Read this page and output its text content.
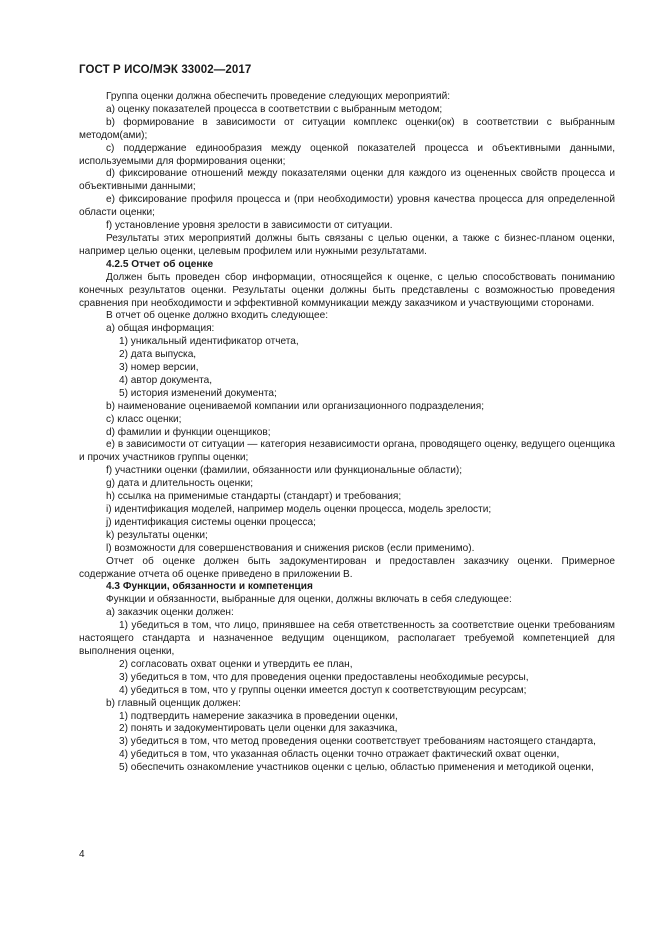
ГОСТ Р ИСО/МЭК 33002—2017

Группа оценки должна обеспечить проведение следующих мероприятий:

a) оценку показателей процесса в соответствии с выбранным методом;

b) формирование в зависимости от ситуации комплекс оценки(ок) в соответствии с выбранным методом(ами);

c) поддержание единообразия между оценкой показателей процесса и объективными данными, используемыми для формирования оценки;

d) фиксирование отношений между показателями оценки для каждого из оцененных свойств процесса и объективными данными;

e) фиксирование профиля процесса и (при необходимости) уровня качества процесса для определенной области оценки;

f) установление уровня зрелости в зависимости от ситуации.

Результаты этих мероприятий должны быть связаны с целью оценки, а также с бизнес-планом оценки, например целью оценки, целевым профилем или нужными результатами.

4.2.5 Отчет об оценке

Должен быть проведен сбор информации, относящейся к оценке, с целью способствовать пониманию конечных результатов оценки. Результаты оценки должны быть представлены с возможностью проведения сравнения при необходимости и эффективной коммуникации между заказчиком и участвующими сторонами.

В отчет об оценке должно входить следующее:

a) общая информация:

1) уникальный идентификатор отчета,

2) дата выпуска,

3) номер версии,

4) автор документа,

5) история изменений документа;

b) наименование оцениваемой компании или организационного подразделения;

c) класс оценки;

d) фамилии и функции оценщиков;

e) в зависимости от ситуации — категория независимости органа, проводящего оценку, ведущего оценщика и прочих участников группы оценки;

f) участники оценки (фамилии, обязанности или функциональные области);

g) дата и длительность оценки;

h) ссылка на применимые стандарты (стандарт) и требования;

i) идентификация моделей, например модель оценки процесса, модель зрелости;

j) идентификация системы оценки процесса;

k) результаты оценки;

l) возможности для совершенствования и снижения рисков (если применимо).

Отчет об оценке должен быть задокументирован и предоставлен заказчику оценки. Примерное содержание отчета об оценке приведено в приложении В.

4.3 Функции, обязанности и компетенция

Функции и обязанности, выбранные для оценки, должны включать в себя следующее:

a) заказчик оценки должен:

1) убедиться в том, что лицо, принявшее на себя ответственность за соответствие оценки требованиям настоящего стандарта и назначенное ведущим оценщиком, располагает требуемой компетенцией для выполнения оценки,

2) согласовать охват оценки и утвердить ее план,

3) убедиться в том, что для проведения оценки предоставлены необходимые ресурсы,

4) убедиться в том, что у группы оценки имеется доступ к соответствующим ресурсам;

b) главный оценщик должен:

1) подтвердить намерение заказчика в проведении оценки,

2) понять и задокументировать цели оценки для заказчика,

3) убедиться в том, что метод проведения оценки соответствует требованиям настоящего стандарта,

4) убедиться в том, что указанная область оценки точно отражает фактический охват оценки,

5) обеспечить ознакомление участников оценки с целью, областью применения и методикой оценки,

4
